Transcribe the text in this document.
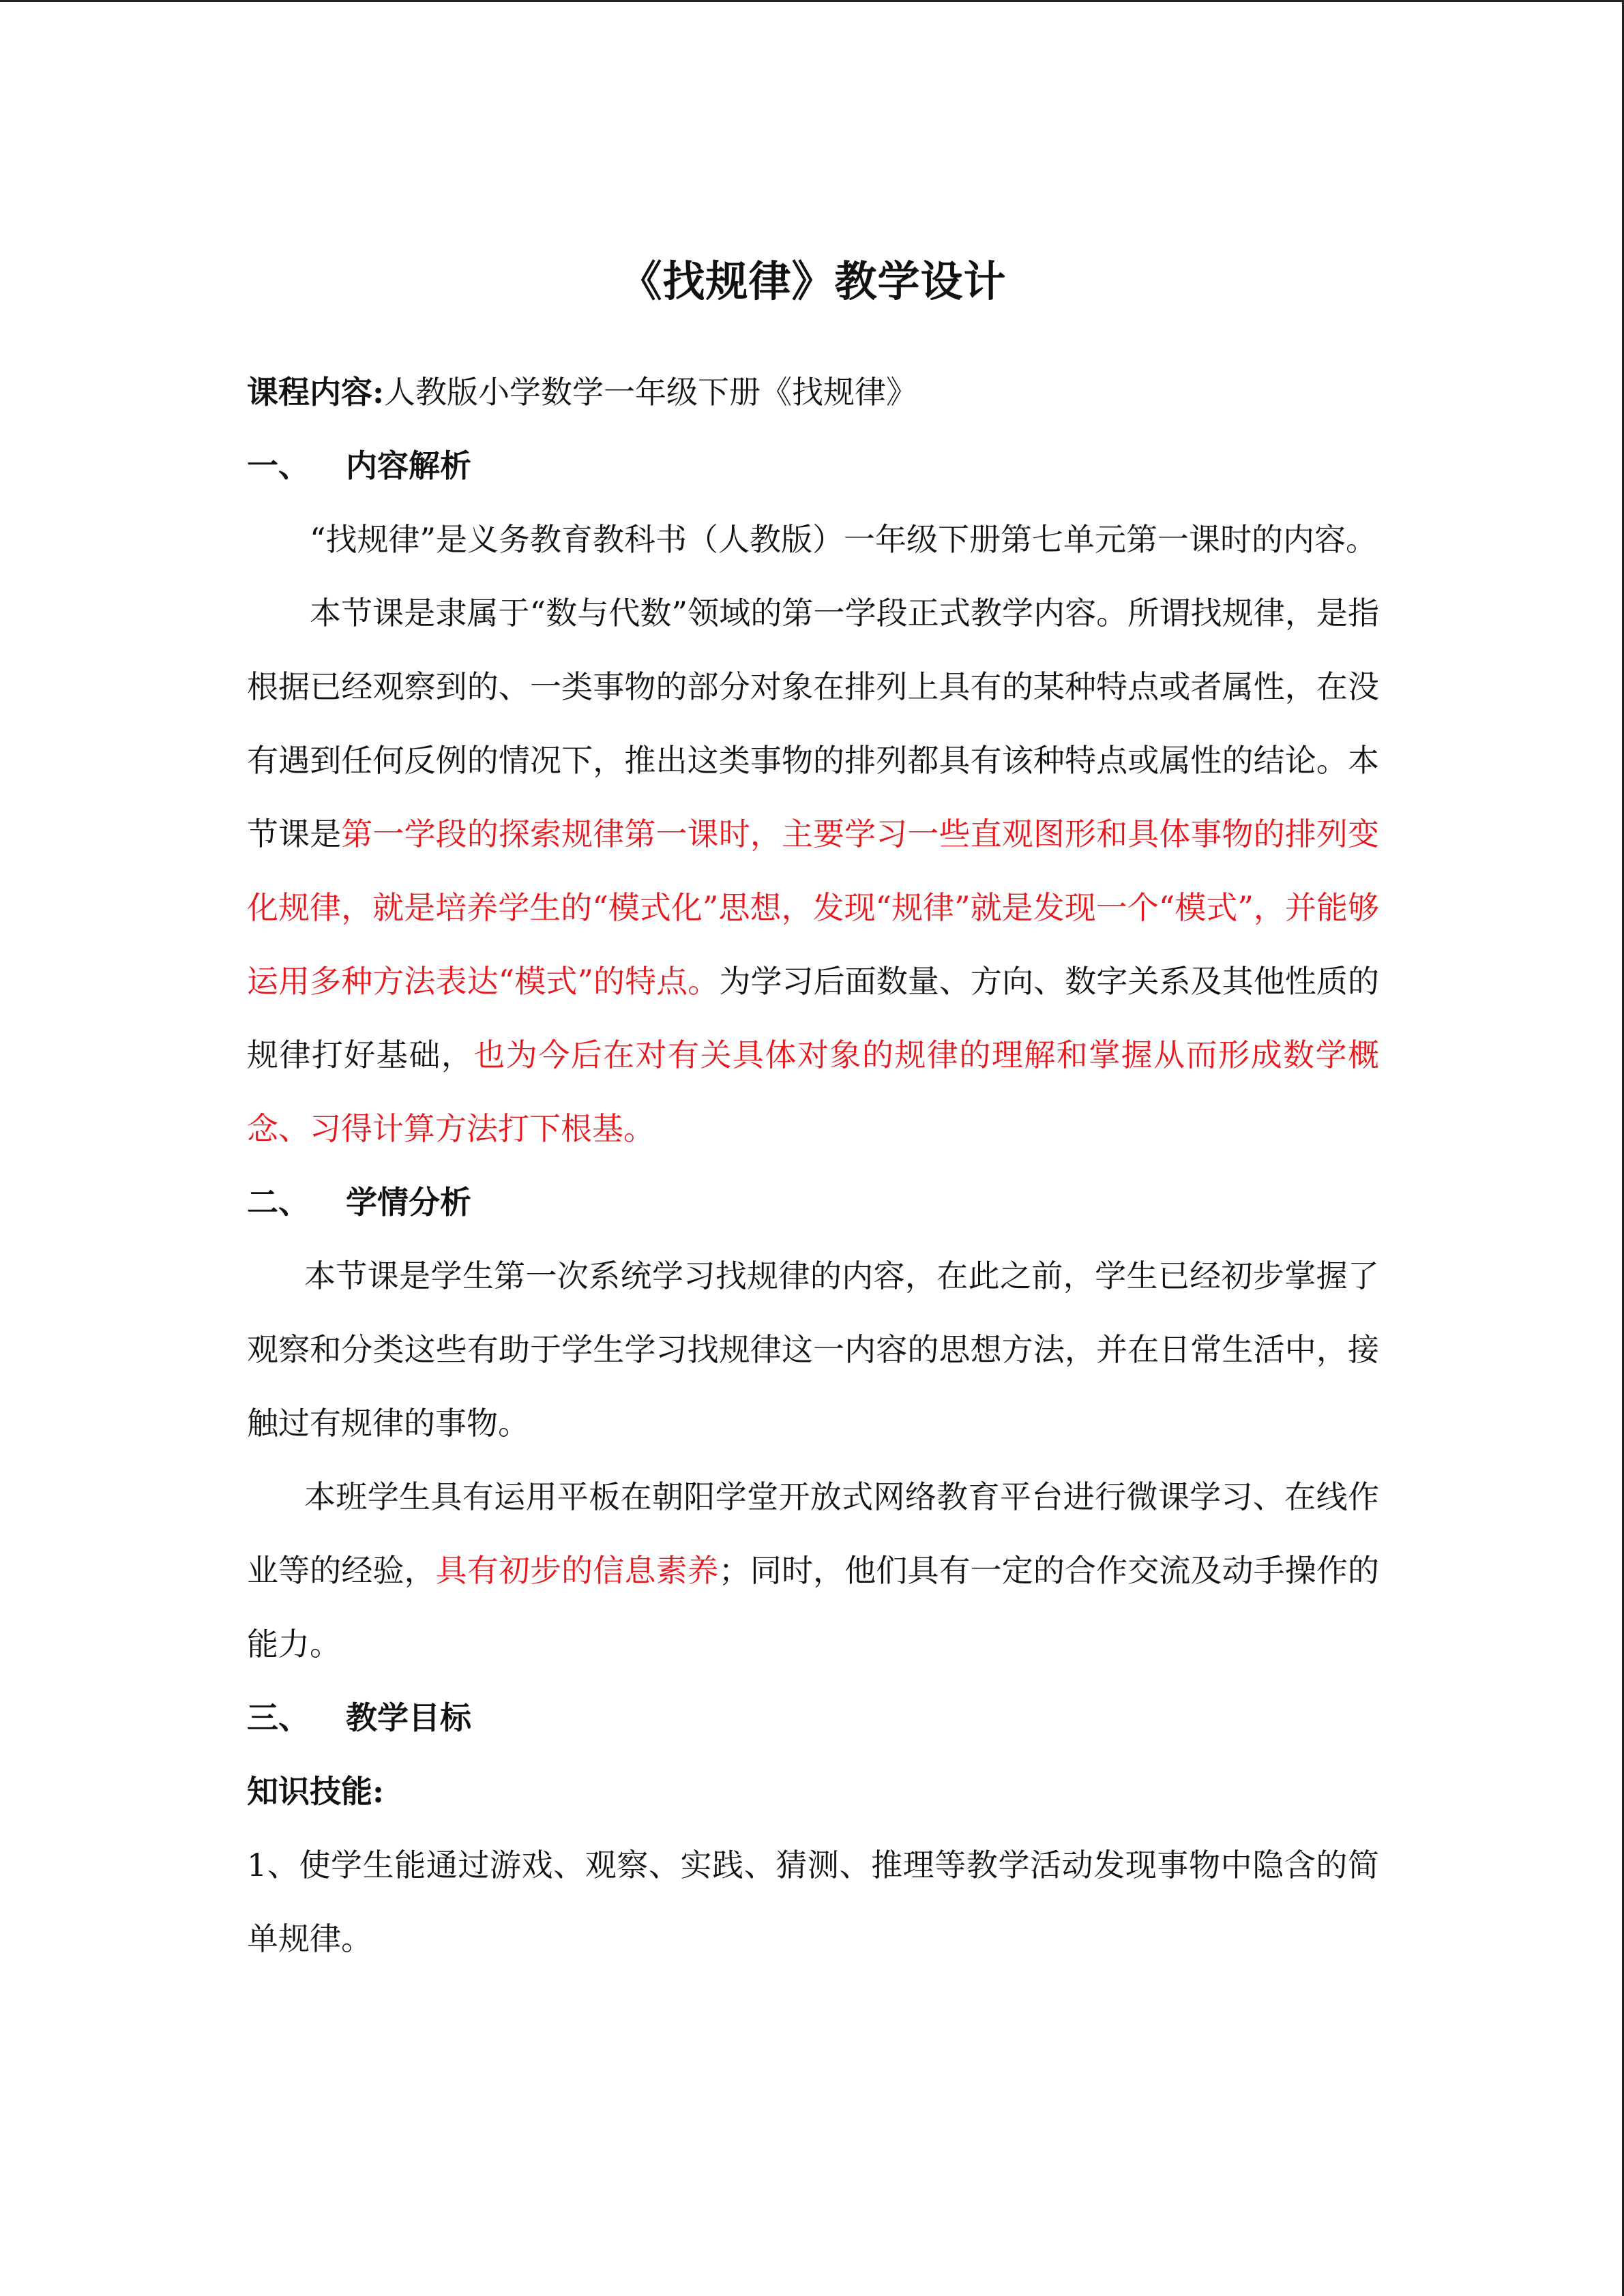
《找规律》教学设计

课程内容:人教版小学数学一年级下册《找规律》

一、 内容解析

“找规律”是义务教育教科书（人教版）一年级下册第七单元第一课时的内容。

本节课是隶属于“数与代数”领域的第一学段正式教学内容。所谓找规律，是指根据已经观察到的、一类事物的部分对象在排列上具有的某种特点或者属性，在没有遇到任何反例的情况下，推出这类事物的排列都具有该种特点或属性的结论。本节课是第一学段的探索规律第一课时，主要学习一些直观图形和具体事物的排列变化规律，就是培养学生的“模式化”思想，发现“规律”就是发现一个“模式”，并能够运用多种方法表达“模式”的特点。为学习后面数量、方向、数字关系及其他性质的规律打好基础，也为今后在对有关具体对象的规律的理解和掌握从而形成数学概念、习得计算方法打下根基。

二、 学情分析

本节课是学生第一次系统学习找规律的内容，在此之前，学生已经初步掌握了观察和分类这些有助于学生学习找规律这一内容的思想方法，并在日常生活中，接触过有规律的事物。

本班学生具有运用平板在朝阳学堂开放式网络教育平台进行微课学习、在线作业等的经验，具有初步的信息素养；同时，他们具有一定的合作交流及动手操作的能力。

三、 教学目标

知识技能:

1、使学生能通过游戏、观察、实践、猜测、推理等教学活动发现事物中隐含的简单规律。
